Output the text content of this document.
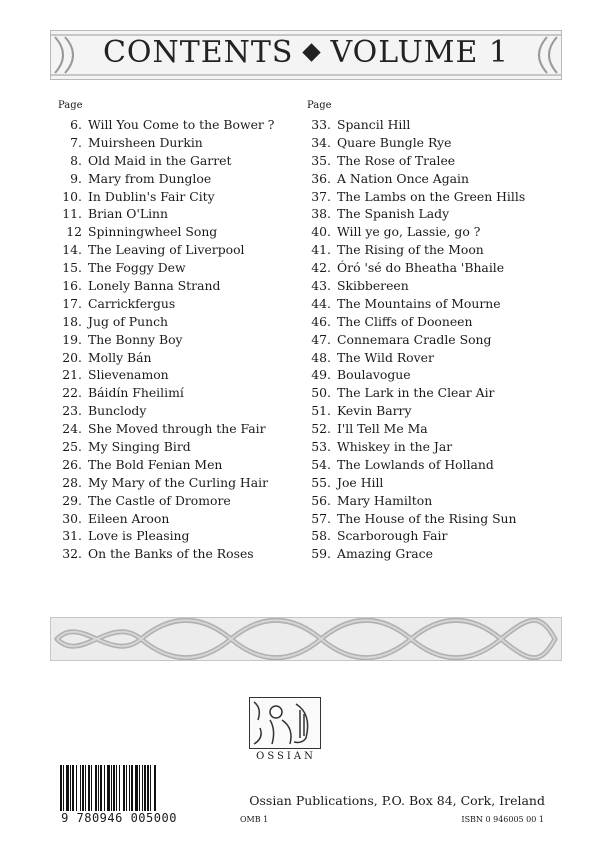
CONTENTS VOLUME 1
Page
6. Will You Come to the Bower ?
7. Muirsheen Durkin
8. Old Maid in the Garret
9. Mary from Dungloe
10. In Dublin's Fair City
11. Brian O'Linn
12 Spinningwheel Song
14. The Leaving of Liverpool
15. The Foggy Dew
16. Lonely Banna Strand
17. Carrickfergus
18. Jug of Punch
19. The Bonny Boy
20. Molly Bán
21. Slievenamon
22. Báidín Fheilimí
23. Bunclody
24. She Moved through the Fair
25. My Singing Bird
26. The Bold Fenian Men
28. My Mary of the Curling Hair
29. The Castle of Dromore
30. Eileen Aroon
31. Love is Pleasing
32. On the Banks of the Roses
Page
33. Spancil Hill
34. Quare Bungle Rye
35. The Rose of Tralee
36. A Nation Once Again
37. The Lambs on the Green Hills
38. The Spanish Lady
40. Will ye go, Lassie, go ?
41. The Rising of the Moon
42. Óró 'sé do Bheatha 'Bhaile
43. Skibbereen
44. The Mountains of Mourne
46. The Cliffs of Dooneen
47. Connemara Cradle Song
48. The Wild Rover
49. Boulavogue
50. The Lark in the Clear Air
51. Kevin Barry
52. I'll Tell Me Ma
53. Whiskey in the Jar
54. The Lowlands of Holland
55. Joe Hill
56. Mary Hamilton
57. The House of the Rising Sun
58. Scarborough Fair
59. Amazing Grace
OSSIAN
9 780946 005000
Ossian Publications, P.O. Box 84, Cork, Ireland
OMB 1	ISBN 0 946005 00 1
